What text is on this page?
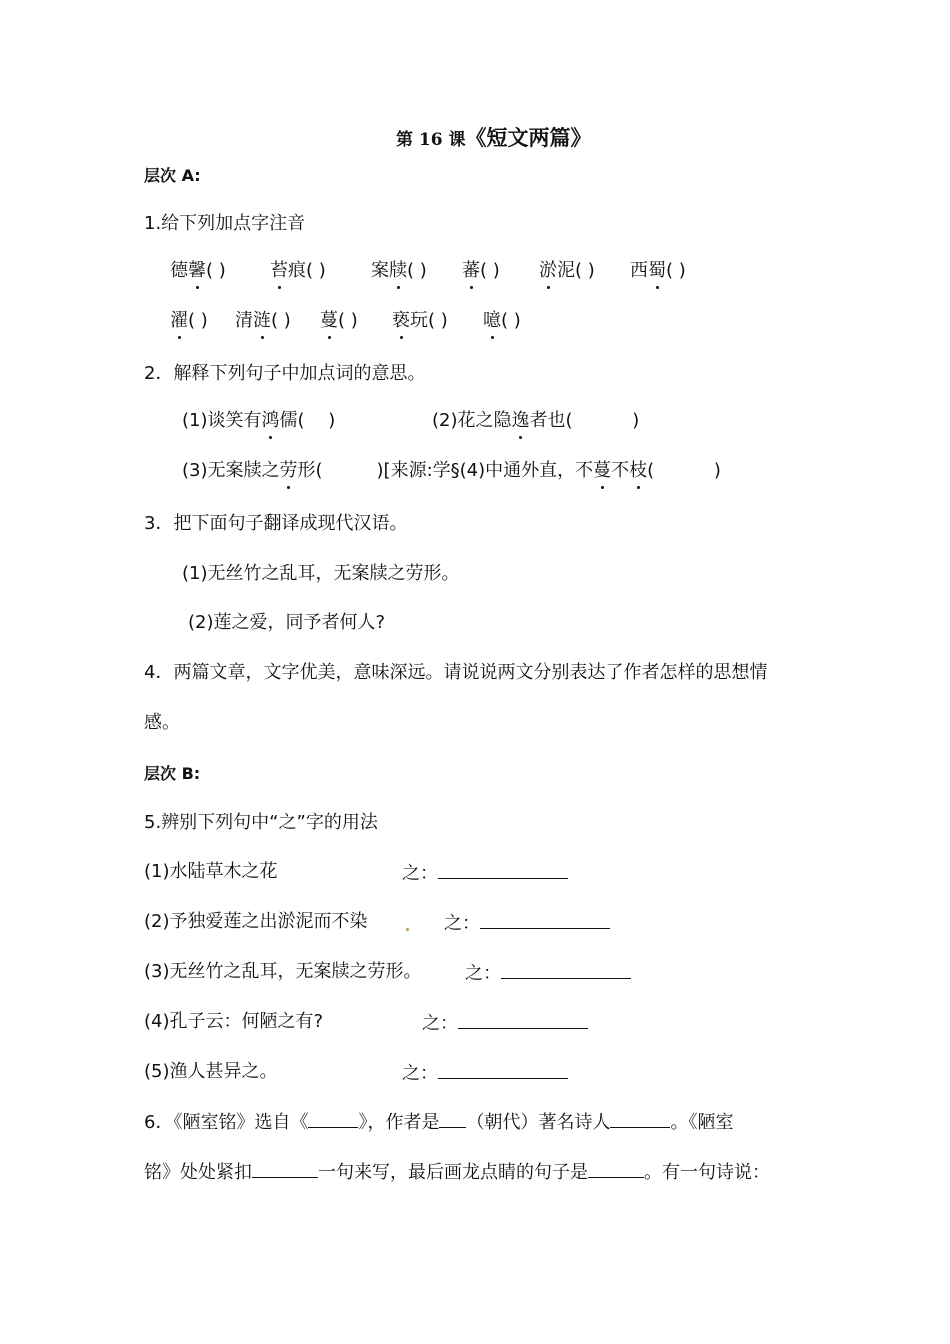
第 16 课《短文两篇》
层次 A:
1.给下列加点字注音
德馨( ) 苔痕( )	案牍( ) 蕃( ) 淤泥( ) 西蜀( )
濯( ) 清涟( ) 蔓( ) 亵玩( ) 噫( )
2．解释下列句子中加点词的意思。
(1)谈笑有鸿儒(　 )	(2)花之隐逸者也(　　　 )
(3)无案牍之劳形(　　　)[来源:学§(4)中通外直，不蔓不枝(　　　 )
3．把下面句子翻译成现代汉语。
(1)无丝竹之乱耳，无案牍之劳形。
(2)莲之爱，同予者何人?
4．两篇文章，文字优美，意味深远。请说说两文分别表达了作者怎样的思想情
感。
层次 B:
5.辨别下列句中“之”字的用法
(1)水陆草木之花	之：
(2)予独爱莲之出淤泥而不染	之：
(3)无丝竹之乱耳，无案牍之劳形。 之：
(4)孔子云：何陋之有?	之：
(5)渔人甚异之。	之：
6．《陋室铭》选自《	》，作者是 （朝代）著名诗人	。《陋室
铭》处处紧扣	一句来写，最后画龙点睛的句子是	。有一句诗说：
